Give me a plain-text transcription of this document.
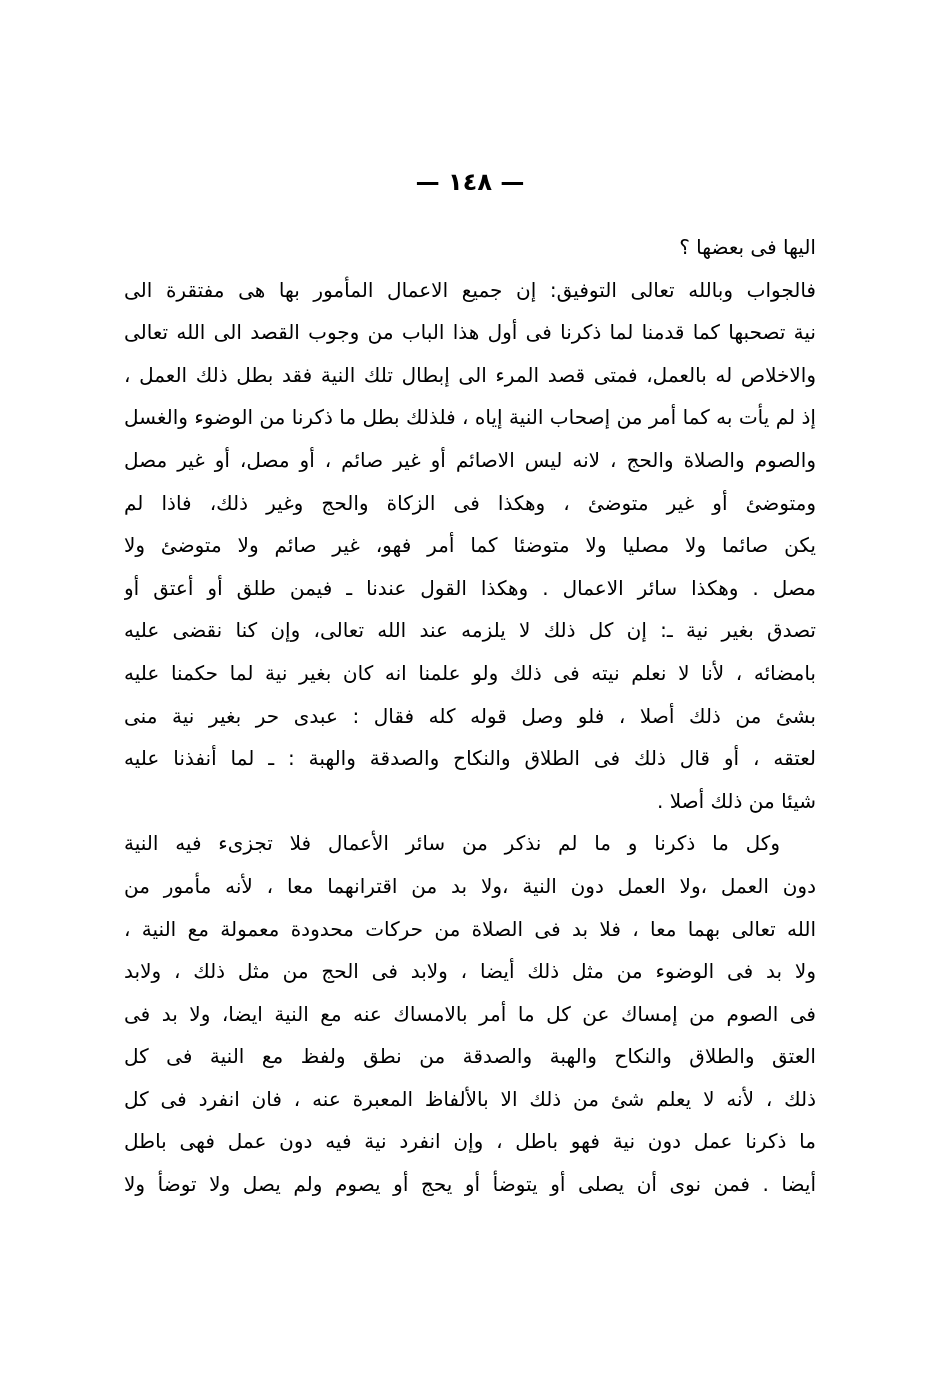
— ١٤٨ —
اليها فى بعضها ؟
فالجواب وبالله تعالى التوفيق: إن جميع الاعمال المأمور بها هى مفتقرة الى
نية تصحبها كما قدمنا لما ذكرنا فى أول هذا الباب من وجوب القصد الى الله تعالى
والاخلاص له بالعمل، فمتى قصد المرء الى إبطال تلك النية فقد بطل ذلك العمل ،
إذ لم يأت به كما أمر من إصحاب النية إياه ، فلذلك بطل ما ذكرنا من الوضوء والغسل
والصوم والصلاة والحج ، لانه ليس الاصائم أو غير صائم ، أو مصل، أو غير مصل
ومتوضئ أو غير متوضئ ، وهكذا فى الزكاة والحج وغير ذلك، فاذا لم
يكن صائما ولا مصليا ولا متوضئا كما أمر فهو، غير صائم ولا متوضئ ولا
مصل . وهكذا سائر الاعمال . وهكذا القول عندنا ـ فيمن طلق أو أعتق أو
تصدق بغير نية ـ: إن كل ذلك لا يلزمه عند الله تعالى، وإن كنا نقضى عليه
بامضائه ، لأنا لا نعلم نيته فى ذلك ولو علمنا انه كان بغير نية لما حكمنا عليه
بشئ من ذلك أصلا ، فلو وصل قوله كله فقال : عبدى حر بغير نية منى
لعتقه ، أو قال ذلك فى الطلاق والنكاح والصدقة والهبة : ـ لما أنفذنا عليه
شيئا من ذلك أصلا .
وكل ما ذكرنا و ما لم نذكر من سائر الأعمال فلا تجزىء فيه النية
دون العمل ،ولا العمل دون النية ،ولا بد من اقترانهما معا ، لأنه مأمور من
الله تعالى بهما معا ، فلا بد فى الصلاة من حركات محدودة معمولة مع النية ،
ولا بد فى الوضوء من مثل ذلك أيضا ، ولابد فى الحج من مثل ذلك ، ولابد
فى الصوم من إمساك عن كل ما أمر بالامساك عنه مع النية ايضا، ولا بد فى
العتق والطلاق والنكاح والهبة والصدقة من نطق ولفظ مع النية فى كل
ذلك ، لأنه لا يعلم شئ من ذلك الا بالألفاظ المعبرة عنه ، فان انفرد فى كل
ما ذكرنا عمل دون نية فهو باطل ، وإن انفرد نية فيه دون عمل فهى باطل
أيضا . فمن نوى أن يصلى أو يتوضأ أو يحج أو يصوم ولم يصل ولا توضأ ولا
